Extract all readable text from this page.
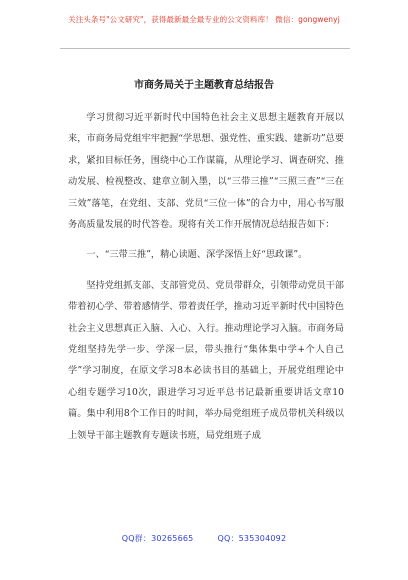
关注头条号"公文研究"，获得最新最全最专业的公文资料库！ 微信：gongwenyj
市商务局关于主题教育总结报告

学习贯彻习近平新时代中国特色社会主义思想主题教育开展以来，市商务局党组牢牢把握“学思想、强党性、重实践、建新功”总要求，紧扣目标任务，围绕中心工作谋篇，从理论学习、调查研究、推动发展、检视整改、建章立制入墨，以“三带三推”“三照三查”“三在三效”落笔，在党组、支部、党员“三位一体”的合力中，用心书写服务高质量发展的时代答卷。现将有关工作开展情况总结报告如下：

一、“三带三推”，精心读题、深学深悟上好“思政课”。

坚持党组抓支部、支部管党员、党员带群众，引领带动党员干部带着初心学、带着感情学、带着责任学，推动习近平新时代中国特色社会主义思想真正入脑、入心、入行。推动理论学习入脑。市商务局党组坚持先学一步、学深一层，带头推行“集体集中学+个人自己学”学习制度，在原文学习8本必读书目的基础上，开展党组理论中心组专题学习10次，跟进学习习近平总书记最新重要讲话文章10篇。集中利用8个工作日的时间，举办局党组班子成员带机关科级以上领导干部主题教育专题读书班，局党组班子成

QQ群：30265665	QQ：535304092
